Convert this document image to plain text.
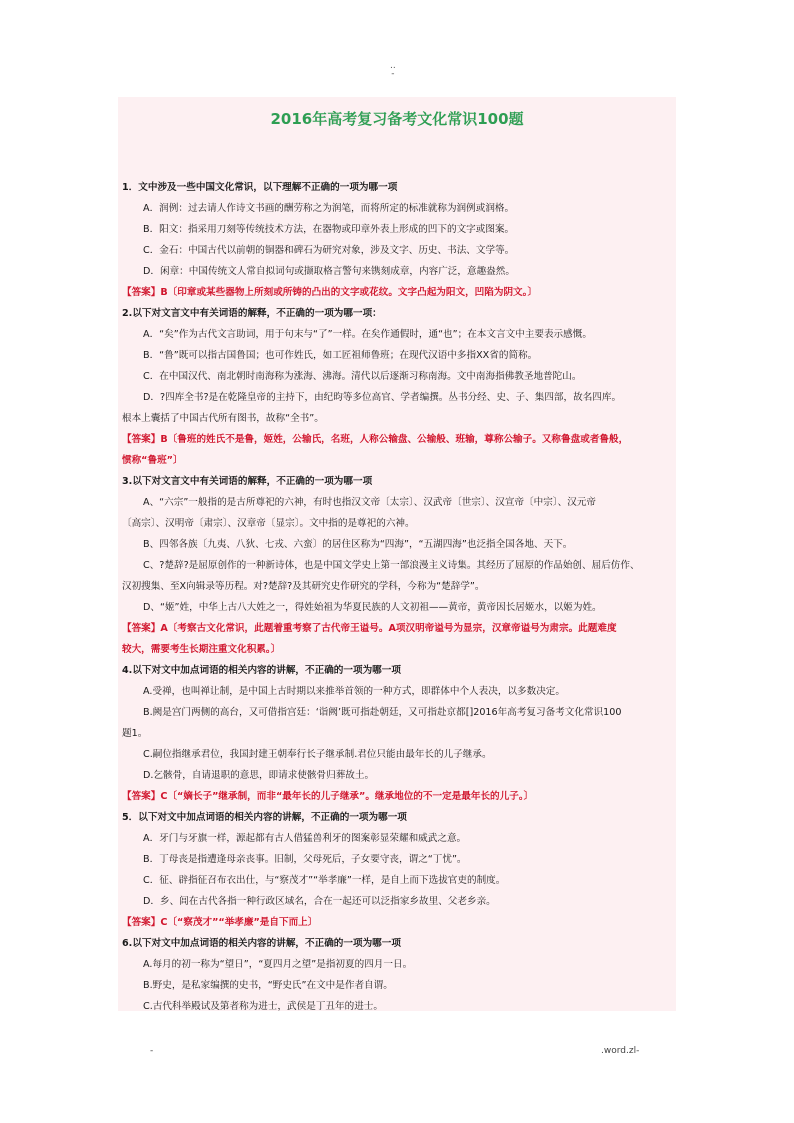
..
-
2016年高考复习备考文化常识100题
1．文中涉及一些中国文化常识，以下理解不正确的一项为哪一项
A．润例：过去请人作诗文书画的酬劳称之为润笔，而将所定的标准就称为润例或润格。
B．阳文：指采用刀刻等传统技术方法，在器物或印章外表上形成的凹下的文字或图案。
C．金石：中国古代以前朝的铜器和碑石为研究对象，涉及文字、历史、书法、文学等。
D．闲章：中国传统文人常自拟词句或撷取格言警句来镌刻成章，内容广泛，意趣盎然。
【答案】B〔印章或某些器物上所刻或所铸的凸出的文字或花纹。文字凸起为阳文，凹陷为阴文。〕
2.以下对文言文中有关词语的解释，不正确的一项为哪一项：
A．“矣”作为古代文言助词，用于句末与“了”一样。在矣作通假时，通“也”；在本文言文中主要表示感慨。
B．“鲁”既可以指古国鲁国；也可作姓氏，如工匠祖师鲁班；在现代汉语中多指XX省的简称。
C．在中国汉代、南北朝时南海称为涨海、沸海。清代以后逐渐习称南海。文中南海指佛教圣地普陀山。
D．?四库全书?是在乾隆皇帝的主持下，由纪昀等多位高官、学者编撰。丛书分经、史、子、集四部，故名四库。
根本上囊括了中国古代所有图书，故称“全书”。
【答案】B〔鲁班的姓氏不是鲁，姬姓，公输氏，名班，人称公输盘、公输般、班输，尊称公输子。又称鲁盘或者鲁般，
惯称“鲁班”〕
3.以下对文言文中有关词语的解释，不正确的一项为哪一项
A、“六宗”一般指的是古所尊祀的六神，有时也指汉文帝〔太宗〕、汉武帝〔世宗〕、汉宣帝〔中宗〕、汉元帝
〔高宗〕、汉明帝〔肃宗〕、汉章帝〔显宗〕。文中指的是尊祀的六神。
B、四邻各族〔九夷、八狄、七戎、六蛮〕的居住区称为“四海”，“五湖四海”也泛指全国各地、天下。
C、?楚辞?是屈原创作的一种新诗体，也是中国文学史上第一部浪漫主义诗集。其经历了屈原的作品始创、屈后仿作、
汉初搜集、至X向辑录等历程。对?楚辞?及其研究史作研究的学科，今称为“楚辞学”。
D、“姬”姓，中华上古八大姓之一，得姓始祖为华夏民族的人文初祖——黄帝，黄帝因长居姬水，以姬为姓。
【答案】A〔考察古文化常识，此题着重考察了古代帝王谥号。A项汉明帝谥号为显宗，汉章帝谥号为肃宗。此题难度
较大，需要考生长期注重文化积累。〕
4.以下对文中加点词语的相关内容的讲解，不正确的一项为哪一项
A.受禅，也叫禅让制，是中国上古时期以来推举首领的一种方式，即群体中个人表决，以多数决定。
B.阙是宫门两侧的高台，又可借指宫廷：‘诣阙’既可指赴朝廷，又可指赴京都[]2016年高考复习备考文化常识100
题1。
C.嗣位指继承君位，我国封建王朝奉行长子继承制.君位只能由最年长的儿子继承。
D.乞骸骨，自请退职的意思，即请求使骸骨归葬故土。
【答案】C〔“嫡长子”继承制，而非“最年长的儿子继承”。继承地位的不一定是最年长的儿子。〕
5．以下对文中加点词语的相关内容的讲解，不正确的一项为哪一项
A．牙门与牙旗一样，源起都有古人借猛兽利牙的图案彰显荣耀和威武之意。
B．丁母丧是指遭逢母亲丧事。旧制，父母死后，子女要守丧，谓之“丁忧”。
C．征、辟指征召布衣出仕，与“察茂才”“举孝廉”一样，是自上而下选拔官吏的制度。
D．乡、闾在古代各指一种行政区域名，合在一起还可以泛指家乡故里、父老乡亲。
【答案】C〔“察茂才”“举孝廉”是自下而上〕
6.以下对文中加点词语的相关内容的讲解，不正确的一项为哪一项
A.每月的初一称为“望日”，“夏四月之望”是指初夏的四月一日。
B.野史，是私家编撰的史书，“野史氏”在文中是作者自谓。
C.古代科举殿试及第者称为进士，武侯是丁丑年的进士。
-	.word.zl-
